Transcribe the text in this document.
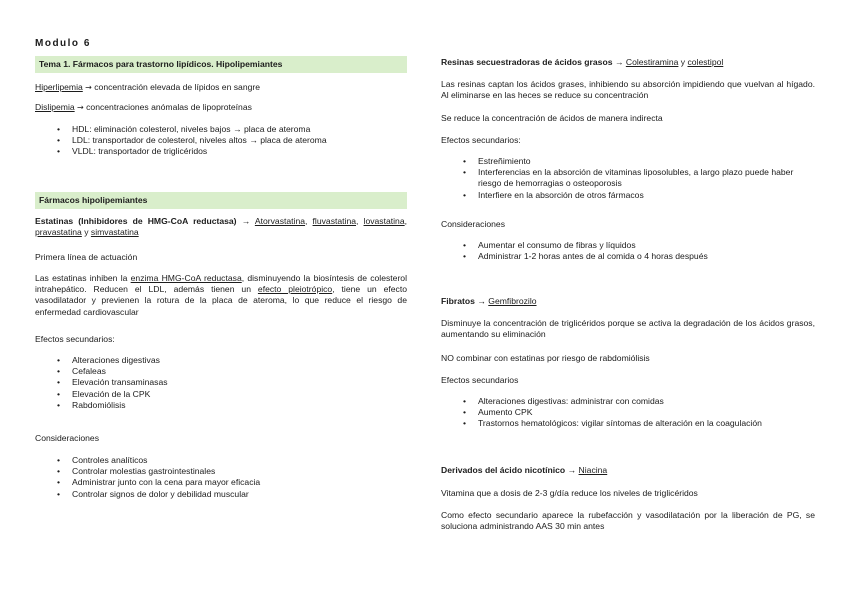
Modulo 6
Tema 1. Fármacos para trastorno lipídicos. Hipolipemiantes

Hiperlipemia → concentración elevada de lípidos en sangre

Dislipemia → concentraciones anómalas de lipoproteínas

• HDL: eliminación colesterol, niveles bajos → placa de ateroma
• LDL: transportador de colesterol, niveles altos → placa de ateroma
• VLDL: transportador de triglicéridos
Fármacos hipolipemiantes

Estatinas (Inhibidores de HMG-CoA reductasa) → Atorvastatina, fluvastatina, lovastatina, pravastatina y simvastatina

Primera línea de actuación

Las estatinas inhiben la enzima HMG-CoA reductasa, disminuyendo la biosíntesis de colesterol intrahepático. Reducen el LDL, además tienen un efecto pleiotrópico, tiene un efecto vasodilatador y previenen la rotura de la placa de ateroma, lo que reduce el riesgo de enfermedad cardiovascular

Efectos secundarios:

• Alteraciones digestivas
• Cefaleas
• Elevación transaminasas
• Elevación de la CPK
• Rabdomiólisis

Consideraciones

• Controles analíticos
• Controlar molestias gastrointestinales
• Administrar junto con la cena para mayor eficacia
• Controlar signos de dolor y debilidad muscular

Resinas secuestradoras de ácidos grasos → Colestiramina y colestipol

Las resinas captan los ácidos grases, inhibiendo su absorción impidiendo que vuelvan al hígado. Al eliminarse en las heces se reduce su concentración

Se reduce la concentración de ácidos de manera indirecta

Efectos secundarios:

• Estreñimiento
• Interferencias en la absorción de vitaminas liposolubles, a largo plazo puede haber riesgo de hemorragias o osteoporosis
• Interfiere en la absorción de otros fármacos

Consideraciones

• Aumentar el consumo de fibras y líquidos
• Administrar 1-2 horas antes de al comida o 4 horas después

Fibratos → Gemfibrozilo

Disminuye la concentración de triglicéridos porque se activa la degradación de los ácidos grasos, aumentando su eliminación

NO combinar con estatinas por riesgo de rabdomiólisis

Efectos secundarios

• Alteraciones digestivas: administrar con comidas
• Aumento CPK
• Trastornos hematológicos: vigilar síntomas de alteración en la coagulación

Derivados del ácido nicotínico → Niacina

Vitamina que a dosis de 2-3 g/día reduce los niveles de triglicéridos

Como efecto secundario aparece la rubefacción y vasodilatación por la liberación de PG, se soluciona administrando AAS 30 min antes
